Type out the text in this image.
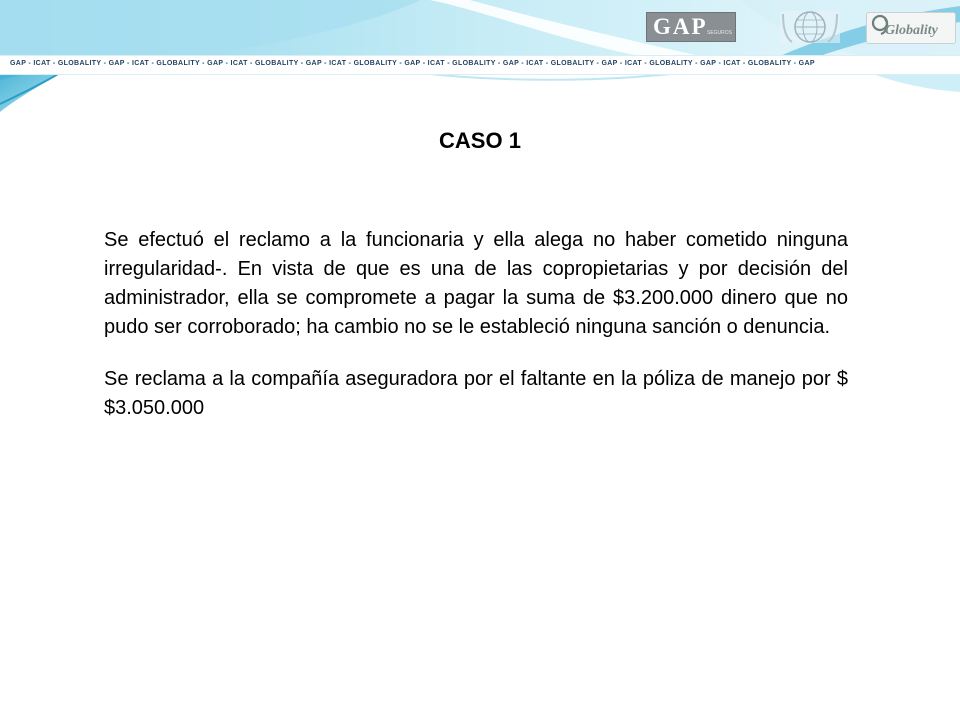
GAP - ICAT - GLOBALITY - GAP - ICAT - GLOBALITY - GAP - ICAT - GLOBALITY - GAP - ICAT - GLOBALITY - GAP - ICAT - GLOBALITY - GAP - ICAT - GLOBALITY - GAP - ICAT - GLOBALITY - GAP - ICAT - GLOBALITY - GAP
GAP SEGUROS	Globality
CASO 1

Se efectuó el reclamo a la funcionaria y ella alega no haber cometido ninguna irregularidad-. En vista de que es una de las copropietarias y por decisión del administrador, ella se compromete a pagar la suma de $3.200.000 dinero que no pudo ser corroborado; ha cambio no se le estableció ninguna sanción o denuncia.

Se reclama a la compañía aseguradora por el faltante en la póliza de manejo por $ $3.050.000
